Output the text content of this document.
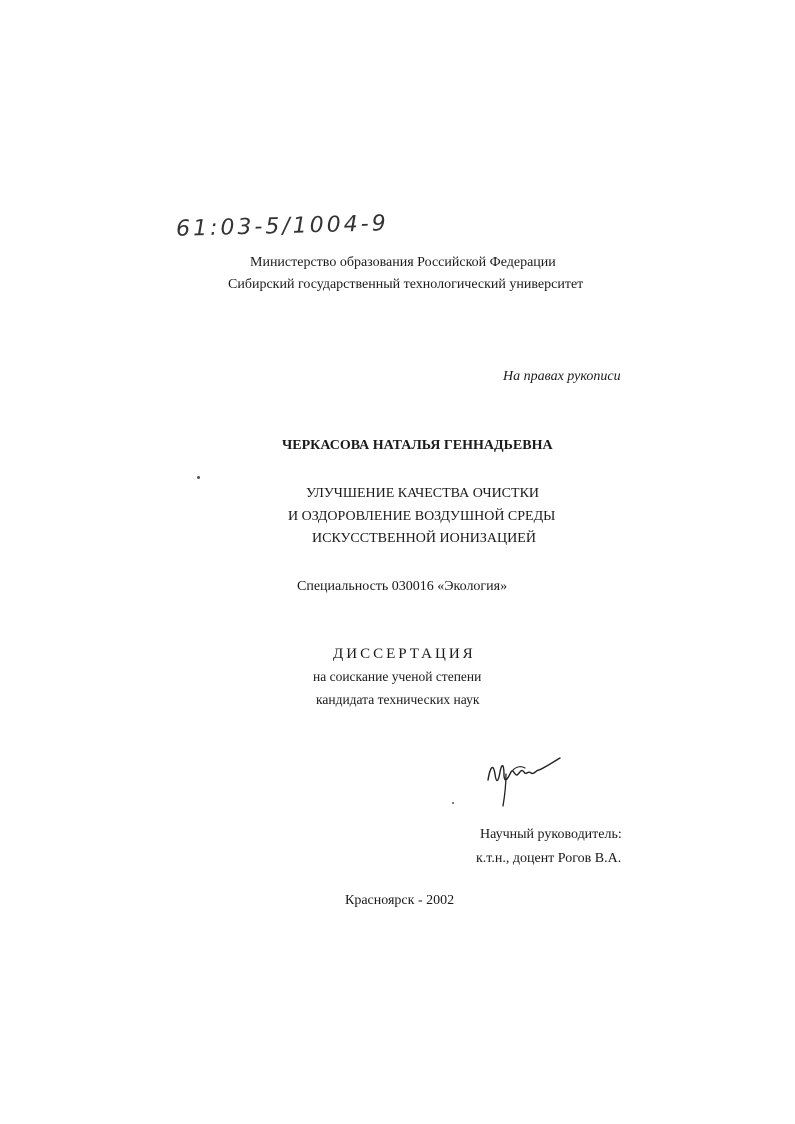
61:03-5/1004-9
Министерство образования Российской Федерации
Сибирский государственный технологический университет
На правах рукописи
ЧЕРКАСОВА НАТАЛЬЯ ГЕННАДЬЕВНА
УЛУЧШЕНИЕ КАЧЕСТВА ОЧИСТКИ
И ОЗДОРОВЛЕНИЕ ВОЗДУШНОЙ СРЕДЫ
ИСКУССТВЕННОЙ ИОНИЗАЦИЕЙ
Специальность 030016 «Экология»
ДИССЕРТАЦИЯ
на соискание ученой степени
кандидата технических наук
Научный руководитель:
к.т.н., доцент Рогов В.А.
Красноярск - 2002
